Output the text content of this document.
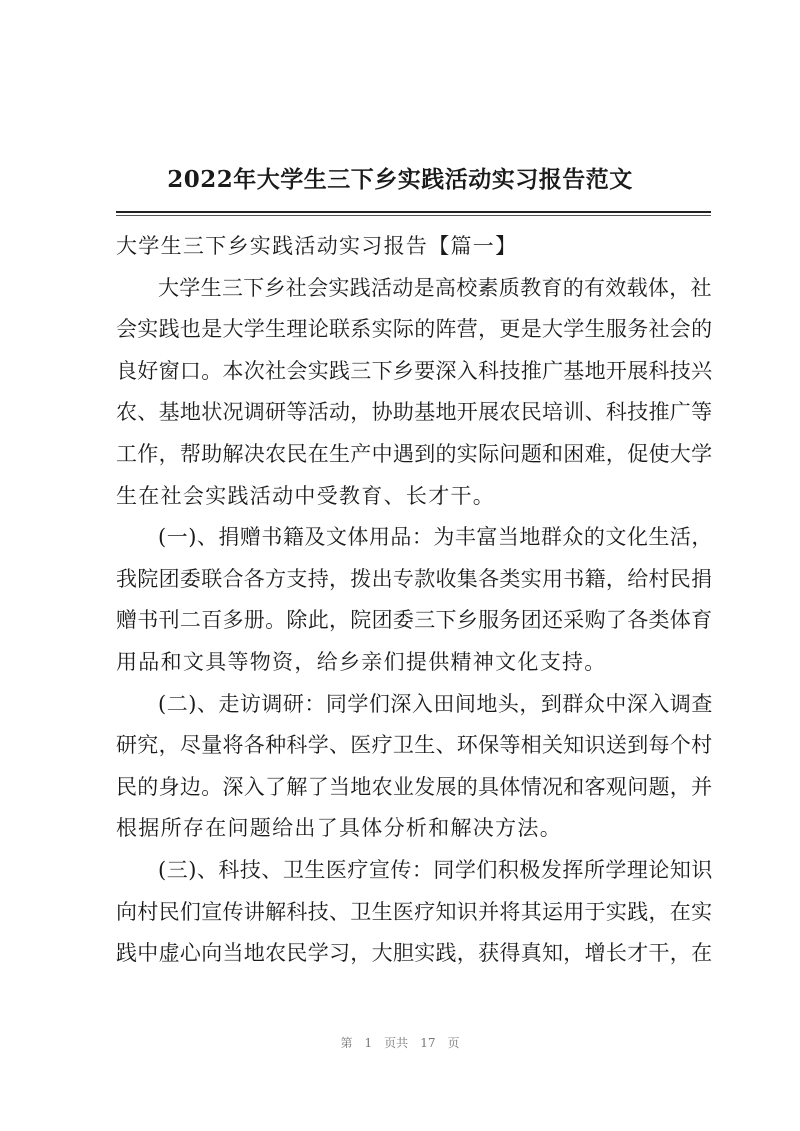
2022年大学生三下乡实践活动实习报告范文
大学生三下乡实践活动实习报告【篇一】
大学生三下乡社会实践活动是高校素质教育的有效载体，社
会实践也是大学生理论联系实际的阵营，更是大学生服务社会的
良好窗口。本次社会实践三下乡要深入科技推广基地开展科技兴
农、基地状况调研等活动，协助基地开展农民培训、科技推广等
工作，帮助解决农民在生产中遇到的实际问题和困难，促使大学
生在社会实践活动中受教育、长才干。
(一)、捐赠书籍及文体用品：为丰富当地群众的文化生活，
我院团委联合各方支持，拨出专款收集各类实用书籍，给村民捐
赠书刊二百多册。除此，院团委三下乡服务团还采购了各类体育
用品和文具等物资，给乡亲们提供精神文化支持。
(二)、走访调研：同学们深入田间地头，到群众中深入调查
研究，尽量将各种科学、医疗卫生、环保等相关知识送到每个村
民的身边。深入了解了当地农业发展的具体情况和客观问题，并
根据所存在问题给出了具体分析和解决方法。
(三)、科技、卫生医疗宣传：同学们积极发挥所学理论知识
向村民们宣传讲解科技、卫生医疗知识并将其运用于实践，在实
践中虚心向当地农民学习，大胆实践，获得真知，增长才干，在
第 1 页共 17 页
